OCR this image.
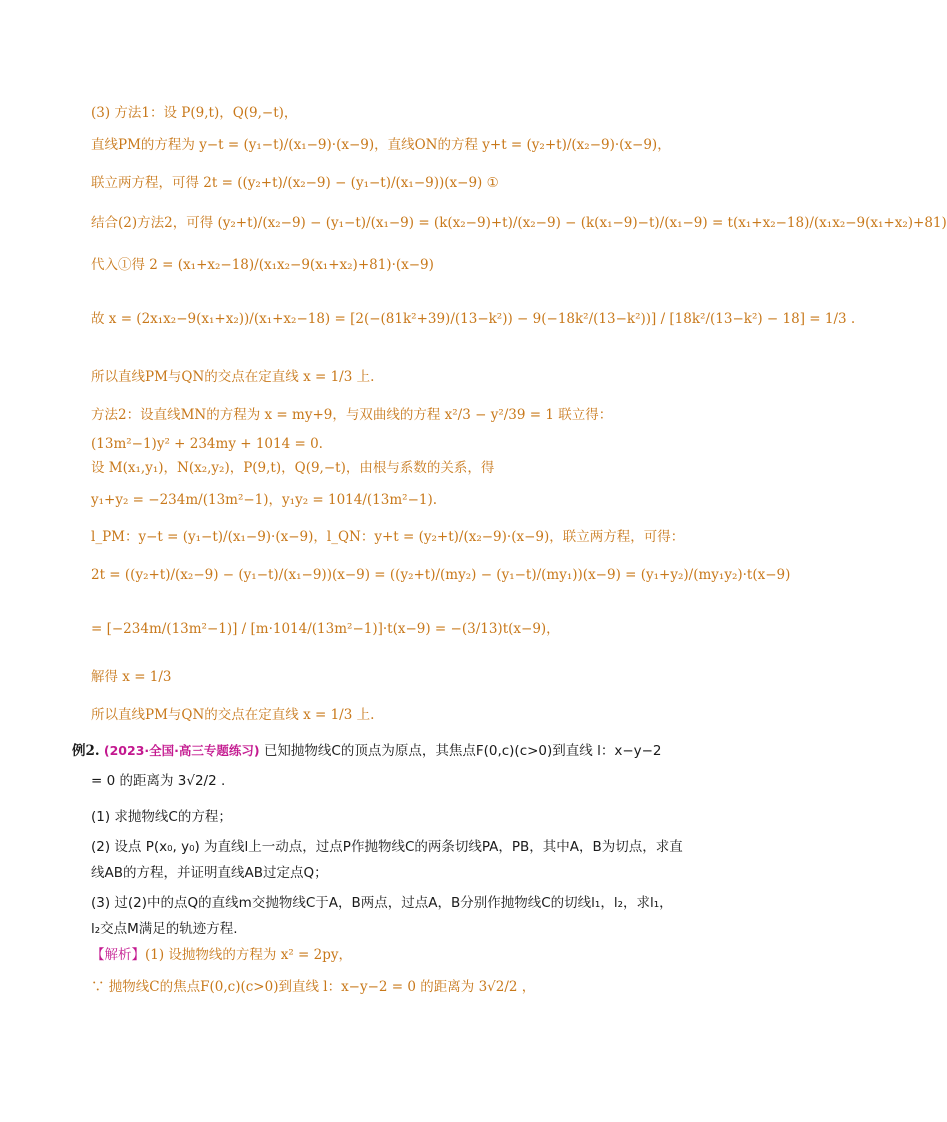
(3) 方法1：设 P(9,t)，Q(9,−t)，
直线PM的方程为 y−t = (y₁−t)/(x₁−9)·(x−9)，直线ON的方程 y+t = (y₂+t)/(x₂−9)·(x−9)，
联立两方程，可得 2t = ((y₂+t)/(x₂−9) − (y₁−t)/(x₁−9))(x−9) ①
结合(2)方法2，可得 (y₂+t)/(x₂−9) − (y₁−t)/(x₁−9) = (k(x₂−9)+t)/(x₂−9) − (k(x₁−9)−t)/(x₁−9) = t(x₁+x₂−18)/(x₁x₂−9(x₁+x₂)+81)
代入①得 2 = (x₁+x₂−18)/(x₁x₂−9(x₁+x₂)+81)·(x−9)
故 x = (2x₁x₂−9(x₁+x₂))/(x₁+x₂−18) = [2(−(81k²+39)/(13−k²)) − 9(−18k²/(13−k²))] / [18k²/(13−k²) − 18] = 1/3 .
所以直线PM与QN的交点在定直线 x = 1/3 上.
方法2：设直线MN的方程为 x = my+9，与双曲线的方程 x²/3 − y²/39 = 1 联立得：
(13m²−1)y² + 234my + 1014 = 0.
设 M(x₁,y₁)，N(x₂,y₂)，P(9,t)，Q(9,−t)，由根与系数的关系，得
y₁+y₂ = −234m/(13m²−1)，y₁y₂ = 1014/(13m²−1).
l_PM：y−t = (y₁−t)/(x₁−9)·(x−9)，l_QN：y+t = (y₂+t)/(x₂−9)·(x−9)，联立两方程，可得：
2t = ((y₂+t)/(x₂−9) − (y₁−t)/(x₁−9))(x−9) = ((y₂+t)/(my₂) − (y₁−t)/(my₁))(x−9) = (y₁+y₂)/(my₁y₂)·t(x−9)
= [−234m/(13m²−1)] / [m·1014/(13m²−1)]·t(x−9) = −(3/13)t(x−9)，
解得 x = 1/3
所以直线PM与QN的交点在定直线 x = 1/3 上.
例2. (2023·全国·高三专题练习) 已知抛物线C的顶点为原点，其焦点F(0,c)(c>0)到直线 l：x−y−2
= 0 的距离为 3√2/2 .
(1) 求抛物线C的方程；
(2) 设点 P(x₀, y₀) 为直线l上一动点，过点P作抛物线C的两条切线PA，PB，其中A，B为切点，求直
线AB的方程，并证明直线AB过定点Q；
(3) 过(2)中的点Q的直线m交抛物线C于A，B两点，过点A，B分别作抛物线C的切线l₁，l₂，求l₁，
l₂交点M满足的轨迹方程.
【解析】(1) 设抛物线的方程为 x² = 2py，
∵ 抛物线C的焦点F(0,c)(c>0)到直线 l：x−y−2 = 0 的距离为 3√2/2 ，
